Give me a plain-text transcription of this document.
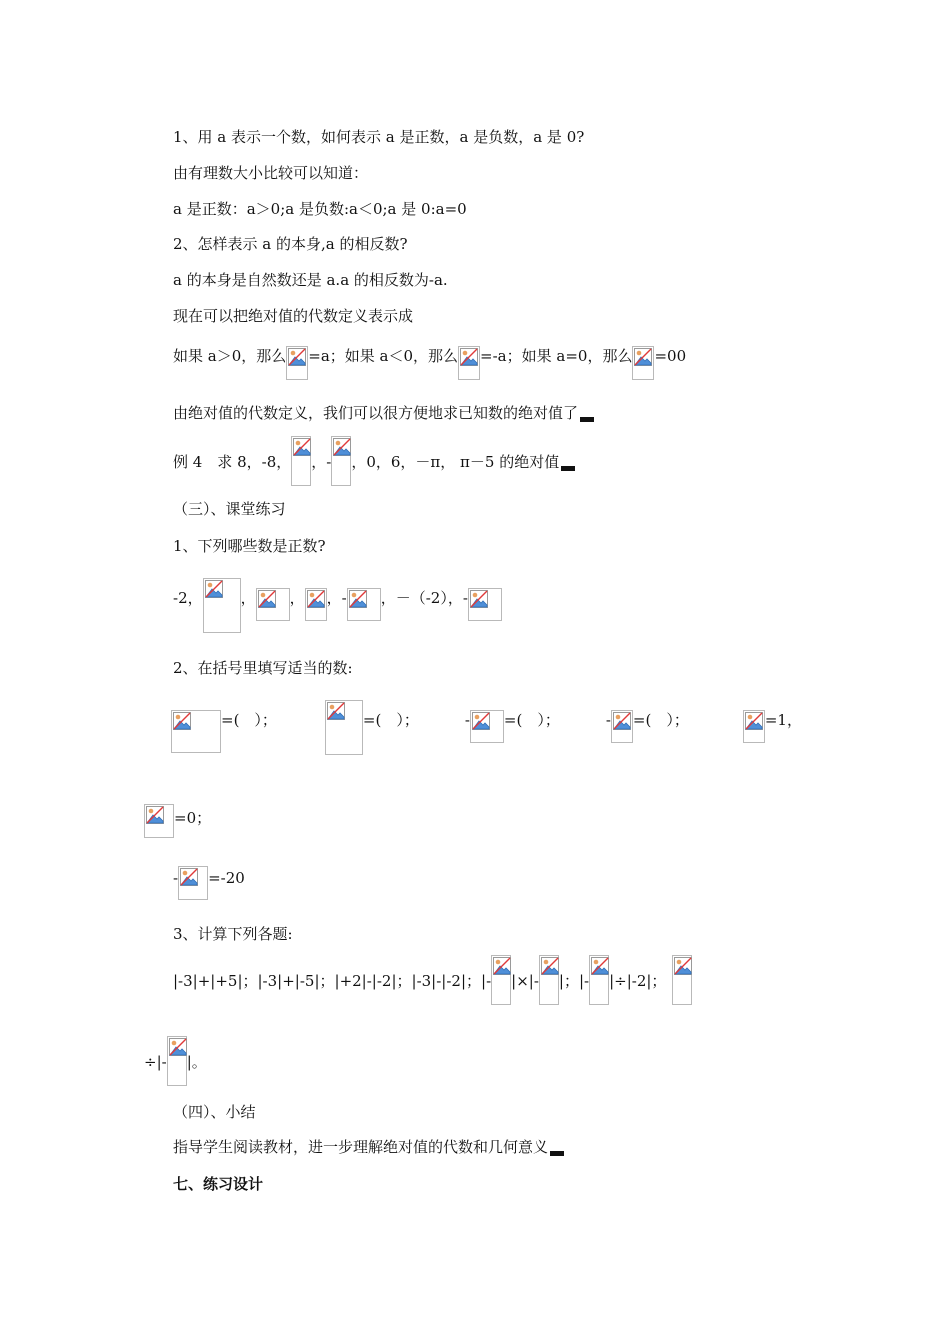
1、用 a 表示一个数，如何表示 a 是正数，a 是负数，a 是 0?
由有理数大小比较可以知道：
a 是正数：a＞0;a 是负数:a＜0;a 是 0:a=0
2、怎样表示 a 的本身,a 的相反数?
a 的本身是自然数还是 a.a 的相反数为-a.
现在可以把绝对值的代数定义表示成
如果 a＞0，那么 =a；如果 a＜0，那么 =-a；如果 a=0，那么 =00
由绝对值的代数定义，我们可以很方便地求已知数的绝对值了
例 4　求 8，-8， ，- ，0，6，－π， π－5 的绝对值
（三）、课堂练习
1、下列哪些数是正数?
-2，	， ， ，- ，－（-2），-
2、在括号里填写适当的数:
=(　）；	=(　）；	- =(　）；	- =(　）；	=1，
=0；
- =-20
3、计算下列各题:
|-3|+|+5|；|-3|+|-5|；|+2|-|-2|；|-3|-|-2|；|- |×|- |；|- |÷|-2|；
÷|- |。
（四）、小结
指导学生阅读教材，进一步理解绝对值的代数和几何意义
七、练习设计
